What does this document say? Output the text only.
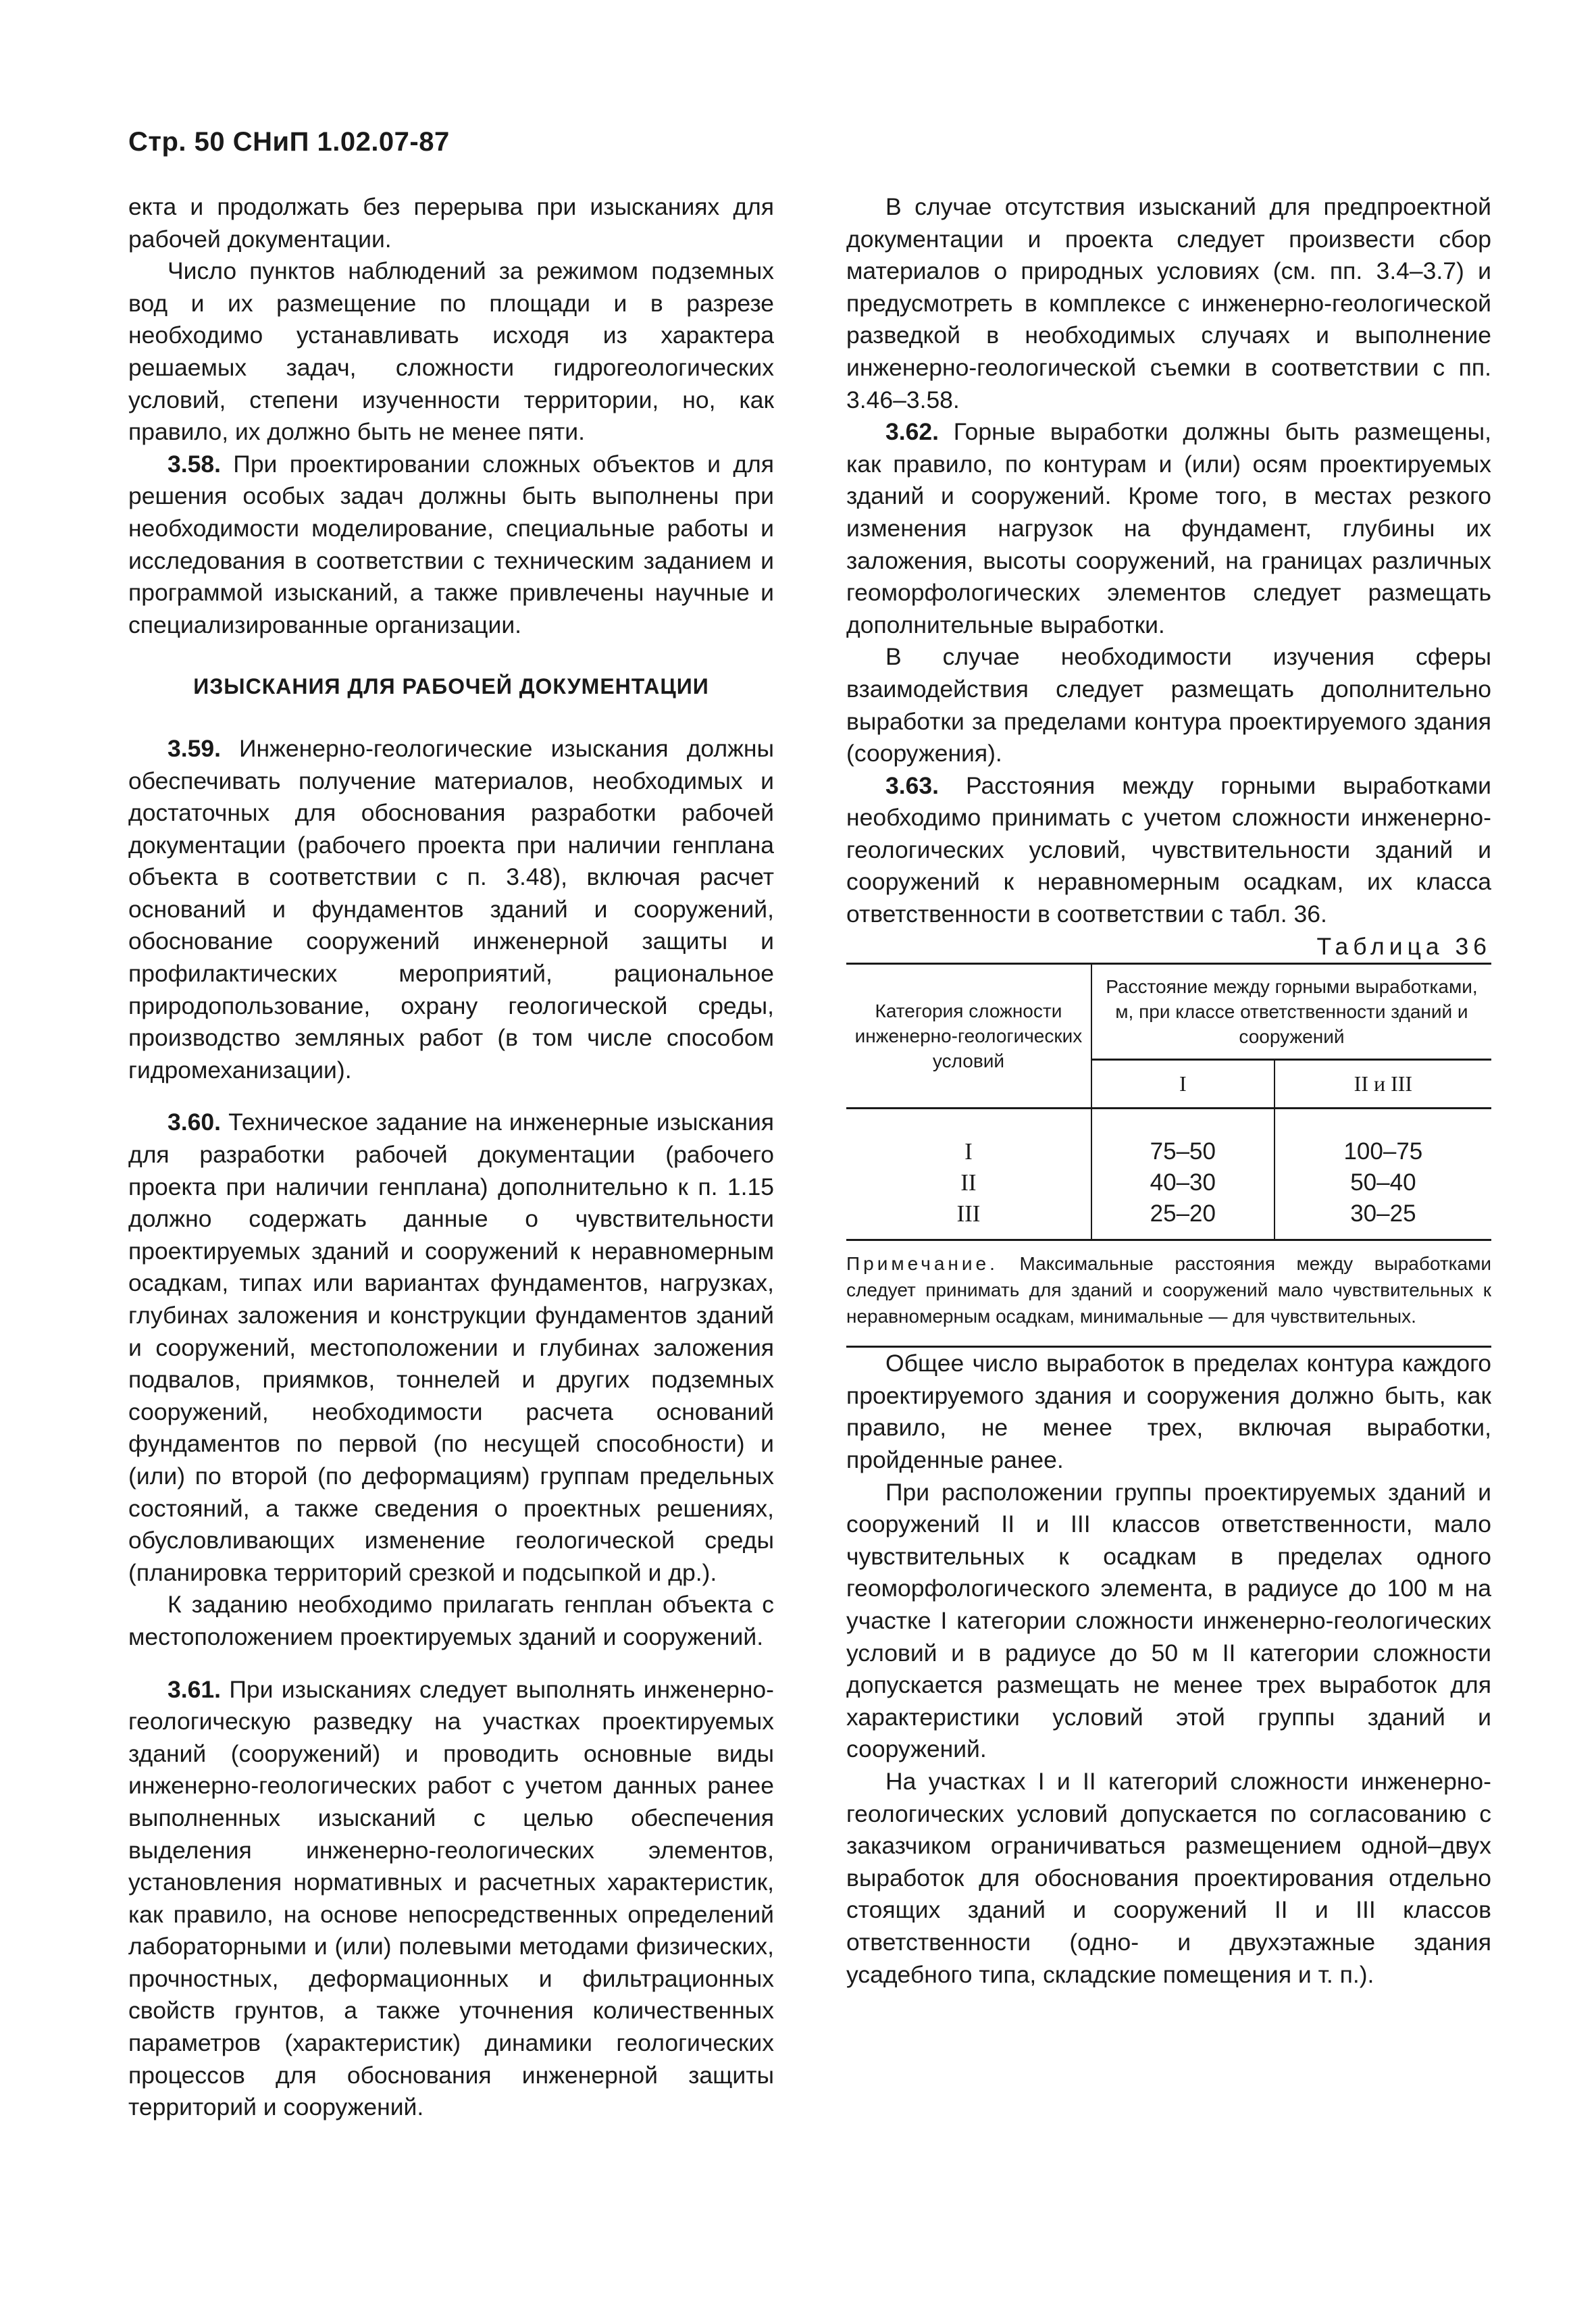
Стр. 50 СНиП 1.02.07-87

екта и продолжать без перерыва при изысканиях для рабочей документации.

Число пунктов наблюдений за режимом подземных вод и их размещение по площади и в разрезе необходимо устанавливать исходя из характера решаемых задач, сложности гидрогеологических условий, степени изученности территории, но, как правило, их должно быть не менее пяти.

3.58. При проектировании сложных объектов и для решения особых задач должны быть выполнены при необходимости моделирование, специальные работы и исследования в соответствии с техническим заданием и программой изысканий, а также привлечены научные и специализированные организации.

ИЗЫСКАНИЯ ДЛЯ РАБОЧЕЙ ДОКУМЕНТАЦИИ

3.59. Инженерно-геологические изыскания должны обеспечивать получение материалов, необходимых и достаточных для обоснования разработки рабочей документации (рабочего проекта при наличии генплана объекта в соответствии с п. 3.48), включая расчет оснований и фундаментов зданий и сооружений, обоснование сооружений инженерной защиты и профилактических мероприятий, рациональное природопользование, охрану геологической среды, производство земляных работ (в том числе способом гидромеханизации).

3.60. Техническое задание на инженерные изыскания для разработки рабочей документации (рабочего проекта при наличии генплана) дополнительно к п. 1.15 должно содержать данные о чувствительности проектируемых зданий и сооружений к неравномерным осадкам, типах или вариантах фундаментов, нагрузках, глубинах заложения и конструкции фундаментов зданий и сооружений, местоположении и глубинах заложения подвалов, приямков, тоннелей и других подземных сооружений, необходимости расчета оснований фундаментов по первой (по несущей способности) и (или) по второй (по деформациям) группам предельных состояний, а также сведения о проектных решениях, обусловливающих изменение геологической среды (планировка территорий срезкой и подсыпкой и др.).

К заданию необходимо прилагать генплан объекта с местоположением проектируемых зданий и сооружений.

3.61. При изысканиях следует выполнять инженерно-геологическую разведку на участках проектируемых зданий (сооружений) и проводить основные виды инженерно-геологических работ с учетом данных ранее выполненных изысканий с целью обеспечения выделения инженерно-геологических элементов, установления нормативных и расчетных характеристик, как правило, на основе непосредственных определений лабораторными и (или) полевыми методами физических, прочностных, деформационных и фильтрационных свойств грунтов, а также уточнения количественных параметров (характеристик) динамики геологических процессов для обоснования инженерной защиты территорий и сооружений.

В случае отсутствия изысканий для предпроектной документации и проекта следует произвести сбор материалов о природных условиях (см. пп. 3.4–3.7) и предусмотреть в комплексе с инженерно-геологической разведкой в необходимых случаях и выполнение инженерно-геологической съемки в соответствии с пп. 3.46–3.58.

3.62. Горные выработки должны быть размещены, как правило, по контурам и (или) осям проектируемых зданий и сооружений. Кроме того, в местах резкого изменения нагрузок на фундамент, глубины их заложения, высоты сооружений, на границах различных геоморфологических элементов следует размещать дополнительные выработки.

В случае необходимости изучения сферы взаимодействия следует размещать дополнительно выработки за пределами контура проектируемого здания (сооружения).

3.63. Расстояния между горными выработками необходимо принимать с учетом сложности инженерно-геологических условий, чувствительности зданий и сооружений к неравномерным осадкам, их класса ответственности в соответствии с табл. 36.

Таблица 36

Категория сложности инженерно-геологических условий	Расстояние между горными выработками, м, при классе ответственности зданий и сооружений	
	I	II и III
I	75–50	100–75
II	40–30	50–40
III	25–20	30–25

Примечание. Максимальные расстояния между выработками следует принимать для зданий и сооружений мало чувствительных к неравномерным осадкам, минимальные — для чувствительных.

Общее число выработок в пределах контура каждого проектируемого здания и сооружения должно быть, как правило, не менее трех, включая выработки, пройденные ранее.

При расположении группы проектируемых зданий и сооружений II и III классов ответственности, мало чувствительных к осадкам в пределах одного геоморфологического элемента, в радиусе до 100 м на участке I категории сложности инженерно-геологических условий и в радиусе до 50 м II категории сложности допускается размещать не менее трех выработок для характеристики условий этой группы зданий и сооружений.

На участках I и II категорий сложности инженерно-геологических условий допускается по согласованию с заказчиком ограничиваться размещением одной–двух выработок для обоснования проектирования отдельно стоящих зданий и сооружений II и III классов ответственности (одно- и двухэтажные здания усадебного типа, складские помещения и т. п.).
